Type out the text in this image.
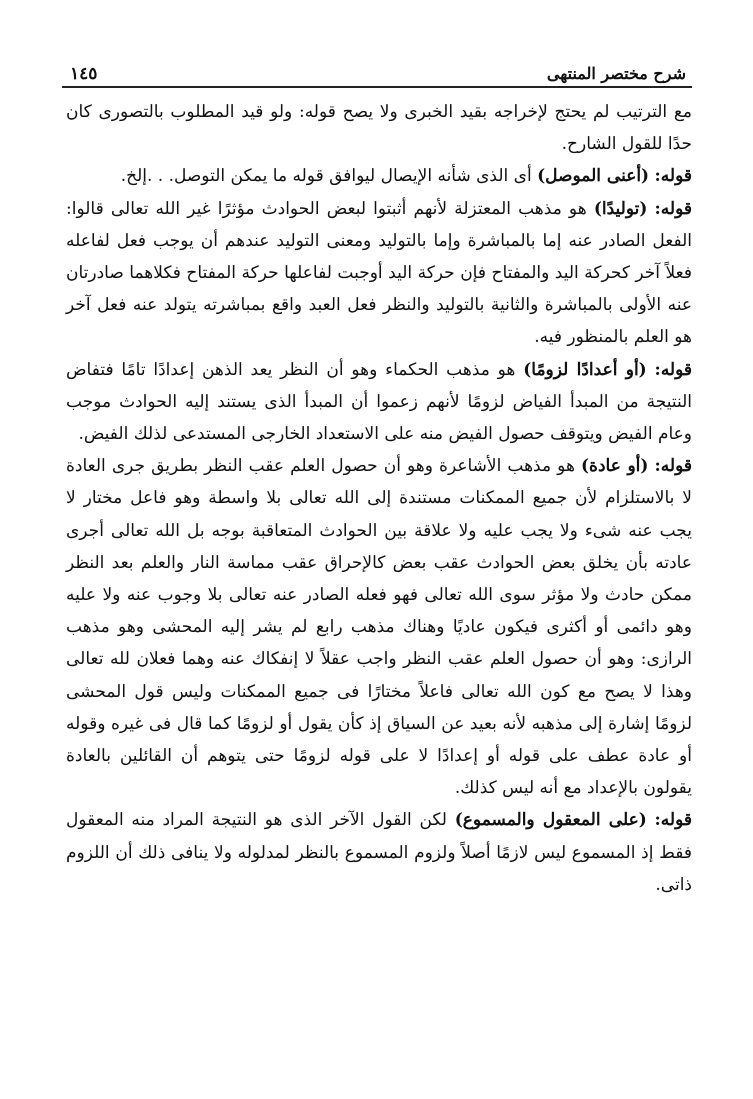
شرح مختصر المنتهى
١٤٥

مع الترتيب لم يحتج لإخراجه بقيد الخبرى ولا يصح قوله: ولو قيد المطلوب بالتصورى كان حدًا للقول الشارح.

قوله: (أعنى الموصل) أى الذى شأنه الإيصال ليوافق قوله ما يمكن التوصل. . .إلخ.

قوله: (توليدًا) هو مذهب المعتزلة لأنهم أثبتوا لبعض الحوادث مؤثرًا غير الله تعالى قالوا: الفعل الصادر عنه إما بالمباشرة وإما بالتوليد ومعنى التوليد عندهم أن يوجب فعل لفاعله فعلاً آخر كحركة اليد والمفتاح فإن حركة اليد أوجبت لفاعلها حركة المفتاح فكلاهما صادرتان عنه الأولى بالمباشرة والثانية بالتوليد والنظر فعل العبد واقع بمباشرته يتولد عنه فعل آخر هو العلم بالمنظور فيه.

قوله: (أو أعدادًا لزومًا) هو مذهب الحكماء وهو أن النظر يعد الذهن إعدادًا تامًا فتفاض النتيجة من المبدأ الفياض لزومًا لأنهم زعموا أن المبدأ الذى يستند إليه الحوادث موجب وعام الفيض ويتوقف حصول الفيض منه على الاستعداد الخارجى المستدعى لذلك الفيض.

قوله: (أو عادة) هو مذهب الأشاعرة وهو أن حصول العلم عقب النظر بطريق جرى العادة لا بالاستلزام لأن جميع الممكنات مستندة إلى الله تعالى بلا واسطة وهو فاعل مختار لا يجب عنه شىء ولا يجب عليه ولا علاقة بين الحوادث المتعاقبة بوجه بل الله تعالى أجرى عادته بأن يخلق بعض الحوادث عقب بعض كالإحراق عقب مماسة النار والعلم بعد النظر ممكن حادث ولا مؤثر سوى الله تعالى فهو فعله الصادر عنه تعالى بلا وجوب عنه ولا عليه وهو دائمى أو أكثرى فيكون عاديًا وهناك مذهب رابع لم يشر إليه المحشى وهو مذهب الرازى: وهو أن حصول العلم عقب النظر واجب عقلاً لا إنفكاك عنه وهما فعلان لله تعالى وهذا لا يصح مع كون الله تعالى فاعلاً مختارًا فى جميع الممكنات وليس قول المحشى لزومًا إشارة إلى مذهبه لأنه بعيد عن السياق إذ كأن يقول أو لزومًا كما قال فى غيره وقوله أو عادة عطف على قوله أو إعدادًا لا على قوله لزومًا حتى يتوهم أن القائلين بالعادة يقولون بالإعداد مع أنه ليس كذلك.

قوله: (على المعقول والمسموع) لكن القول الآخر الذى هو النتيجة المراد منه المعقول فقط إذ المسموع ليس لازمًا أصلاً ولزوم المسموع بالنظر لمدلوله ولا ينافى ذلك أن اللزوم ذاتى.
